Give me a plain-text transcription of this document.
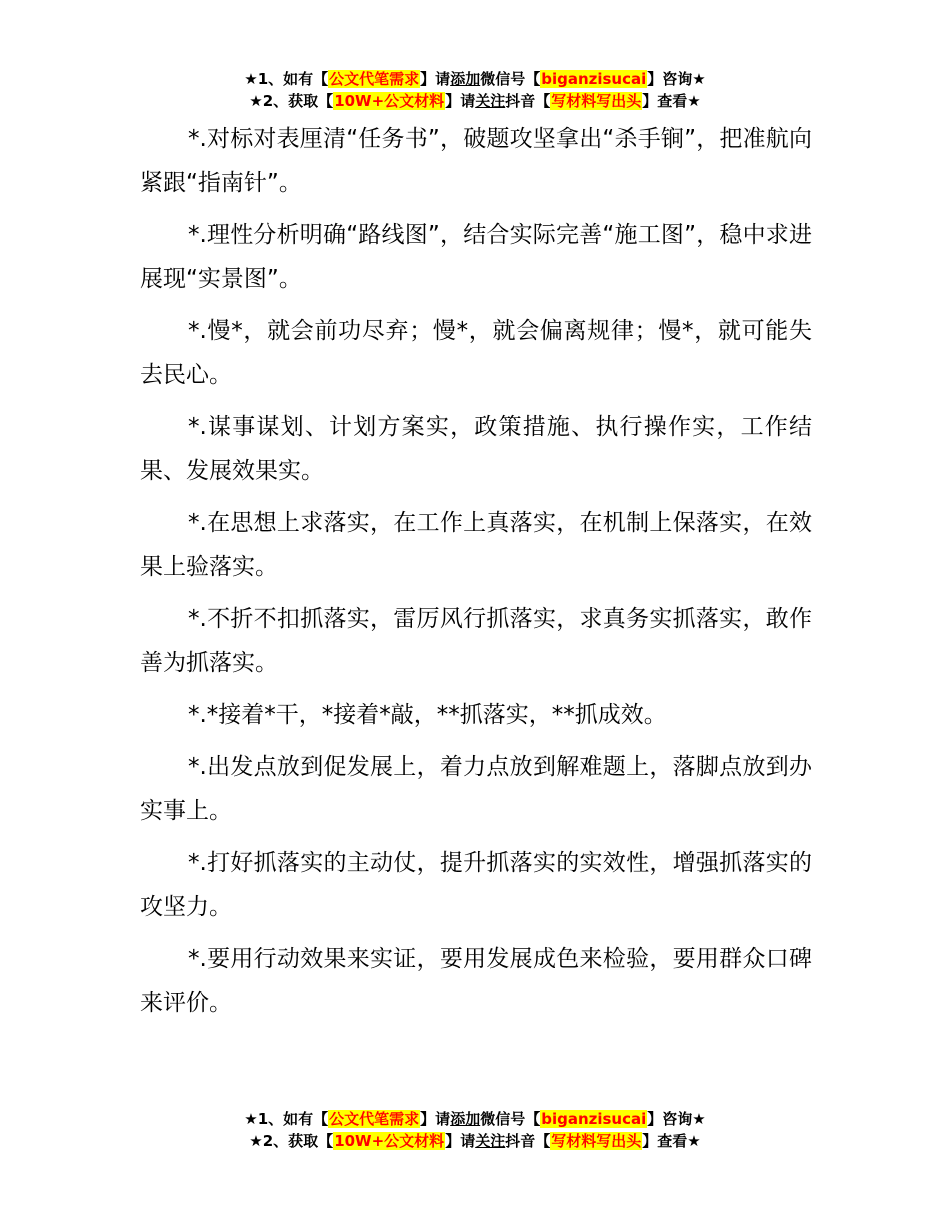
★1、如有【公文代笔需求】请添加微信号【biganzisucai】咨询★
★2、获取【10W+公文材料】请关注抖音【写材料写出头】查看★

*.对标对表厘清“任务书”，破题攻坚拿出“杀手锏”，把准航向紧跟“指南针”。

*.理性分析明确“路线图”，结合实际完善“施工图”，稳中求进展现“实景图”。

*.慢*，就会前功尽弃；慢*，就会偏离规律；慢*，就可能失去民心。

*.谋事谋划、计划方案实，政策措施、执行操作实，工作结果、发展效果实。

*.在思想上求落实，在工作上真落实，在机制上保落实，在效果上验落实。

*.不折不扣抓落实，雷厉风行抓落实，求真务实抓落实，敢作善为抓落实。

*.*接着*干，*接着*敲，**抓落实，**抓成效。

*.出发点放到促发展上，着力点放到解难题上，落脚点放到办实事上。

*.打好抓落实的主动仗，提升抓落实的实效性，增强抓落实的攻坚力。

*.要用行动效果来实证，要用发展成色来检验，要用群众口碑来评价。

★1、如有【公文代笔需求】请添加微信号【biganzisucai】咨询★
★2、获取【10W+公文材料】请关注抖音【写材料写出头】查看★
